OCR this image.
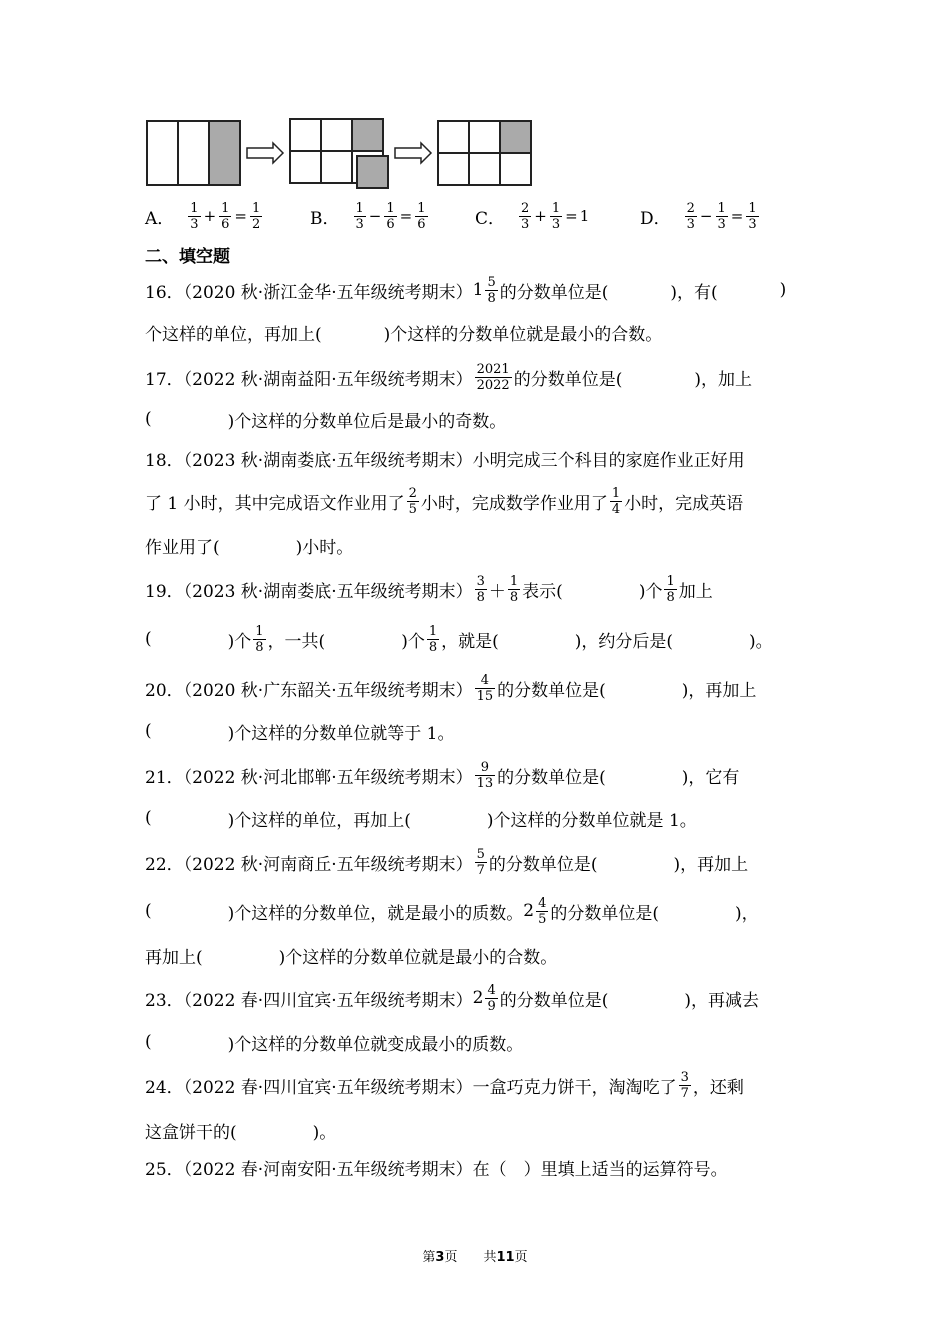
A． $\frac{1}{3} + \frac{1}{6} = \frac{1}{2}$	B． $\frac{1}{3} - \frac{1}{6} = \frac{1}{6}$	C． $\frac{2}{3} + \frac{1}{3} = 1$	D． $\frac{2}{3} - \frac{1}{3} = \frac{1}{3}$
二、填空题
16．（2020 秋·浙江金华·五年级统考期末） $1 \frac{5}{8}$ 的分数单位是(	)，有(	)
个这样的单位，再加上(	)个这样的分数单位就是最小的合数。
17．（2022 秋·湖南益阳·五年级统考期末） $\frac{2021}{2022}$ 的分数单位是(	)，加上
(	)个这样的分数单位后是最小的奇数。
18．（2023 秋·湖南娄底·五年级统考期末）小明完成三个科目的家庭作业正好用
了 1 小时，其中完成语文作业用了 $\frac{2}{5}$ 小时，完成数学作业用了 $\frac{1}{4}$ 小时，完成英语
作业用了(	)小时。
19．（2023 秋·湖南娄底·五年级统考期末） $\frac{3}{8} + \frac{1}{8}$ 表示(	)个 $\frac{1}{8}$ 加上
(	)个 $\frac{1}{8}$ ，一共(	)个 $\frac{1}{8}$ ，就是(	)，约分后是(	)。
20．（2020 秋·广东韶关·五年级统考期末） $\frac{4}{15}$ 的分数单位是(	)，再加上
(	)个这样的分数单位就等于 1。
21．（2022 秋·河北邯郸·五年级统考期末） $\frac{9}{13}$ 的分数单位是(	)，它有
(	)个这样的单位，再加上(	)个这样的分数单位就是 1。
22．（2022 秋·河南商丘·五年级统考期末） $\frac{5}{7}$ 的分数单位是(	)，再加上
(	)个这样的分数单位，就是最小的质数。 $2 \frac{4}{5}$ 的分数单位是(	)，
再加上(	)个这样的分数单位就是最小的合数。
23．（2022 春·四川宜宾·五年级统考期末） $2 \frac{4}{9}$ 的分数单位是(	)，再减去
(	)个这样的分数单位就变成最小的质数。
24．（2022 春·四川宜宾·五年级统考期末）一盒巧克力饼干，淘淘吃了 $\frac{3}{7}$ ，还剩
这盒饼干的(	)。
25．（2022 春·河南安阳·五年级统考期末）在（　）里填上适当的运算符号。
第3页　　共11页
